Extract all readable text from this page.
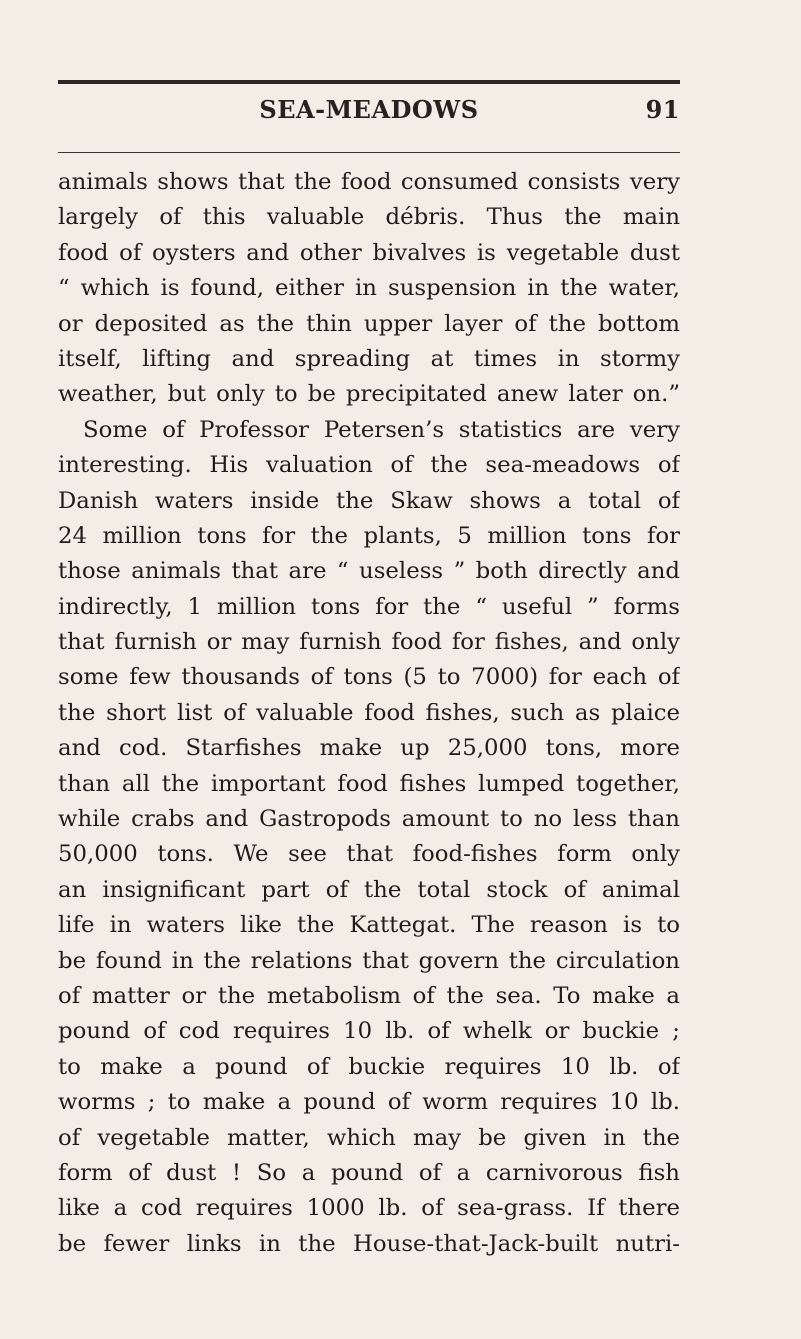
SEA-MEADOWS	91
animals shows that the food consumed consists very
largely of this valuable débris. Thus the main
food of oysters and other bivalves is vegetable dust
“ which is found, either in suspension in the water,
or deposited as the thin upper layer of the bottom
itself, lifting and spreading at times in stormy
weather, but only to be precipitated anew later on.”
Some of Professor Petersen’s statistics are very
interesting. His valuation of the sea-meadows of
Danish waters inside the Skaw shows a total of
24 million tons for the plants, 5 million tons for
those animals that are “ useless ” both directly and
indirectly, 1 million tons for the “ useful ” forms
that furnish or may furnish food for fishes, and only
some few thousands of tons (5 to 7000) for each of
the short list of valuable food fishes, such as plaice
and cod. Starfishes make up 25,000 tons, more
than all the important food fishes lumped together,
while crabs and Gastropods amount to no less than
50,000 tons. We see that food-fishes form only
an insignificant part of the total stock of animal
life in waters like the Kattegat. The reason is to
be found in the relations that govern the circulation
of matter or the metabolism of the sea. To make a
pound of cod requires 10 lb. of whelk or buckie ;
to make a pound of buckie requires 10 lb. of
worms ; to make a pound of worm requires 10 lb.
of vegetable matter, which may be given in the
form of dust ! So a pound of a carnivorous fish
like a cod requires 1000 lb. of sea-grass. If there
be fewer links in the House-that-Jack-built nutri-
